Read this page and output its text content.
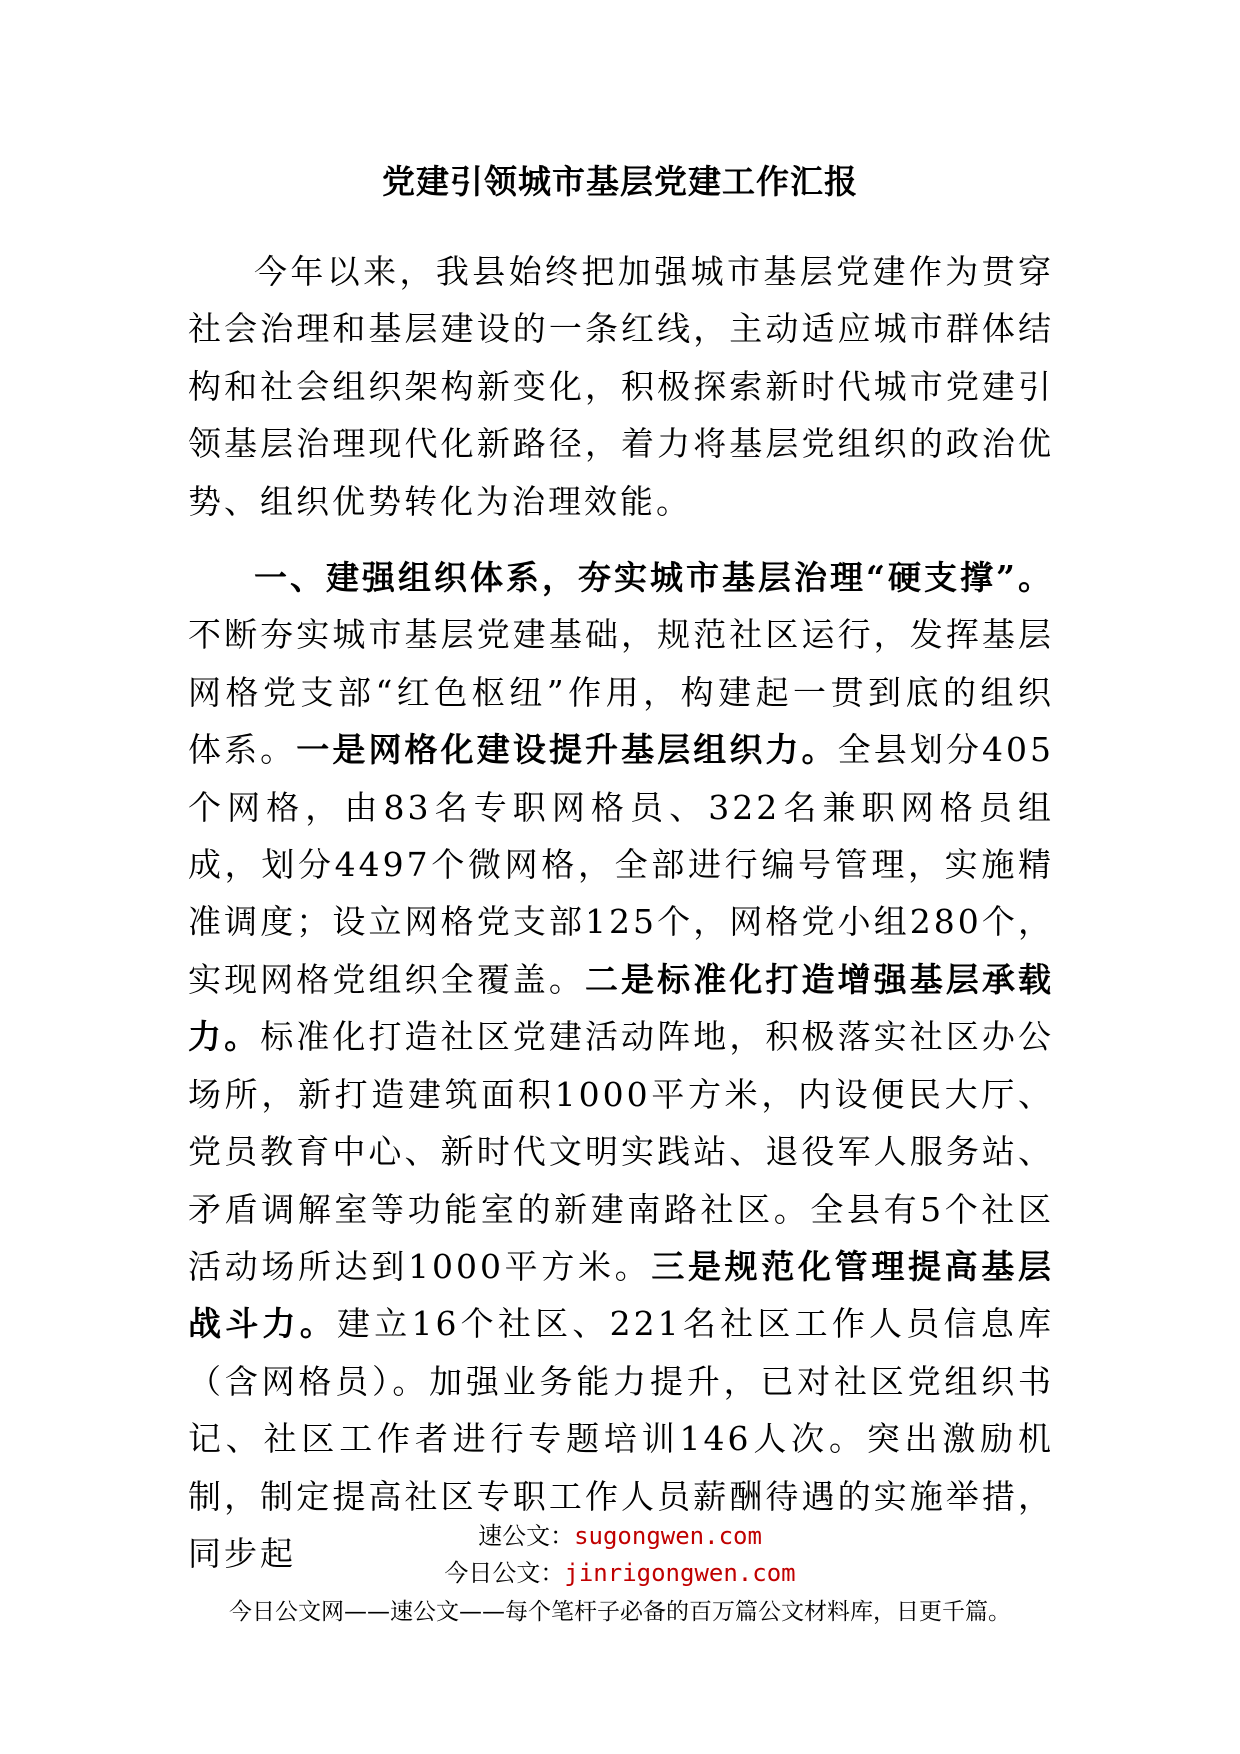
党建引领城市基层党建工作汇报

今年以来，我县始终把加强城市基层党建作为贯穿社会治理和基层建设的一条红线，主动适应城市群体结构和社会组织架构新变化，积极探索新时代城市党建引领基层治理现代化新路径，着力将基层党组织的政治优势、组织优势转化为治理效能。

一、建强组织体系，夯实城市基层治理“硬支撑”。不断夯实城市基层党建基础，规范社区运行，发挥基层网格党支部“红色枢纽”作用，构建起一贯到底的组织体系。一是网格化建设提升基层组织力。全县划分405个网格，由83名专职网格员、322名兼职网格员组成，划分4497个微网格，全部进行编号管理，实施精准调度；设立网格党支部125个，网格党小组280个，实现网格党组织全覆盖。二是标准化打造增强基层承载力。标准化打造社区党建活动阵地，积极落实社区办公场所，新打造建筑面积1000平方米，内设便民大厅、党员教育中心、新时代文明实践站、退役军人服务站、矛盾调解室等功能室的新建南路社区。全县有5个社区活动场所达到1000平方米。三是规范化管理提高基层战斗力。建立16个社区、221名社区工作人员信息库（含网格员）。加强业务能力提升，已对社区党组织书记、社区工作者进行专题培训146人次。突出激励机制，制定提高社区专职工作人员薪酬待遇的实施举措，同步起	速公文：sugongwen.com
今日公文：jinrigongwen.com
今日公文网——速公文——每个笔杆子必备的百万篇公文材料库，日更千篇。
